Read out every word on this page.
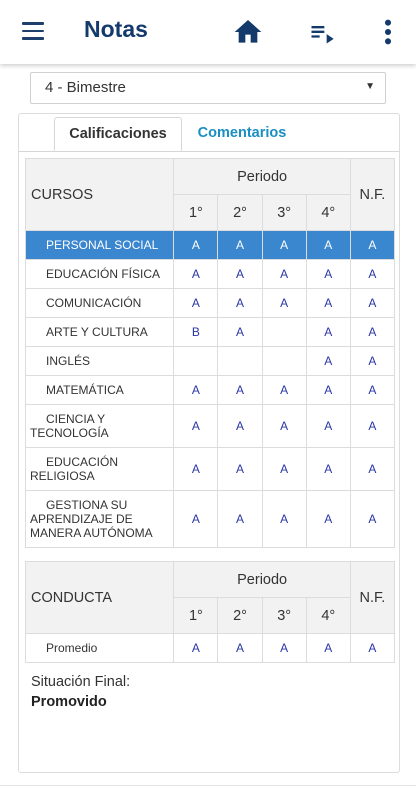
Notas
4 - Bimestre	▼
Calificaciones	Comentarios
CURSOS	Periodo				N.F.
	1°	2°	3°	4°	
PERSONAL SOCIAL	A	A	A	A	A
EDUCACIÓN FÍSICA	A	A	A	A	A
COMUNICACIÓN	A	A	A	A	A
ARTE Y CULTURA	B	A		A	A
INGLÉS				A	A
MATEMÁTICA	A	A	A	A	A
CIENCIA Y TECNOLOGÍA	A	A	A	A	A
EDUCACIÓN RELIGIOSA	A	A	A	A	A
GESTIONA SU APRENDIZAJE DE MANERA AUTÓNOMA	A	A	A	A	A
CONDUCTA	Periodo				N.F.
	1°	2°	3°	4°	
Promedio	A	A	A	A	A
Situación Final:
Promovido
